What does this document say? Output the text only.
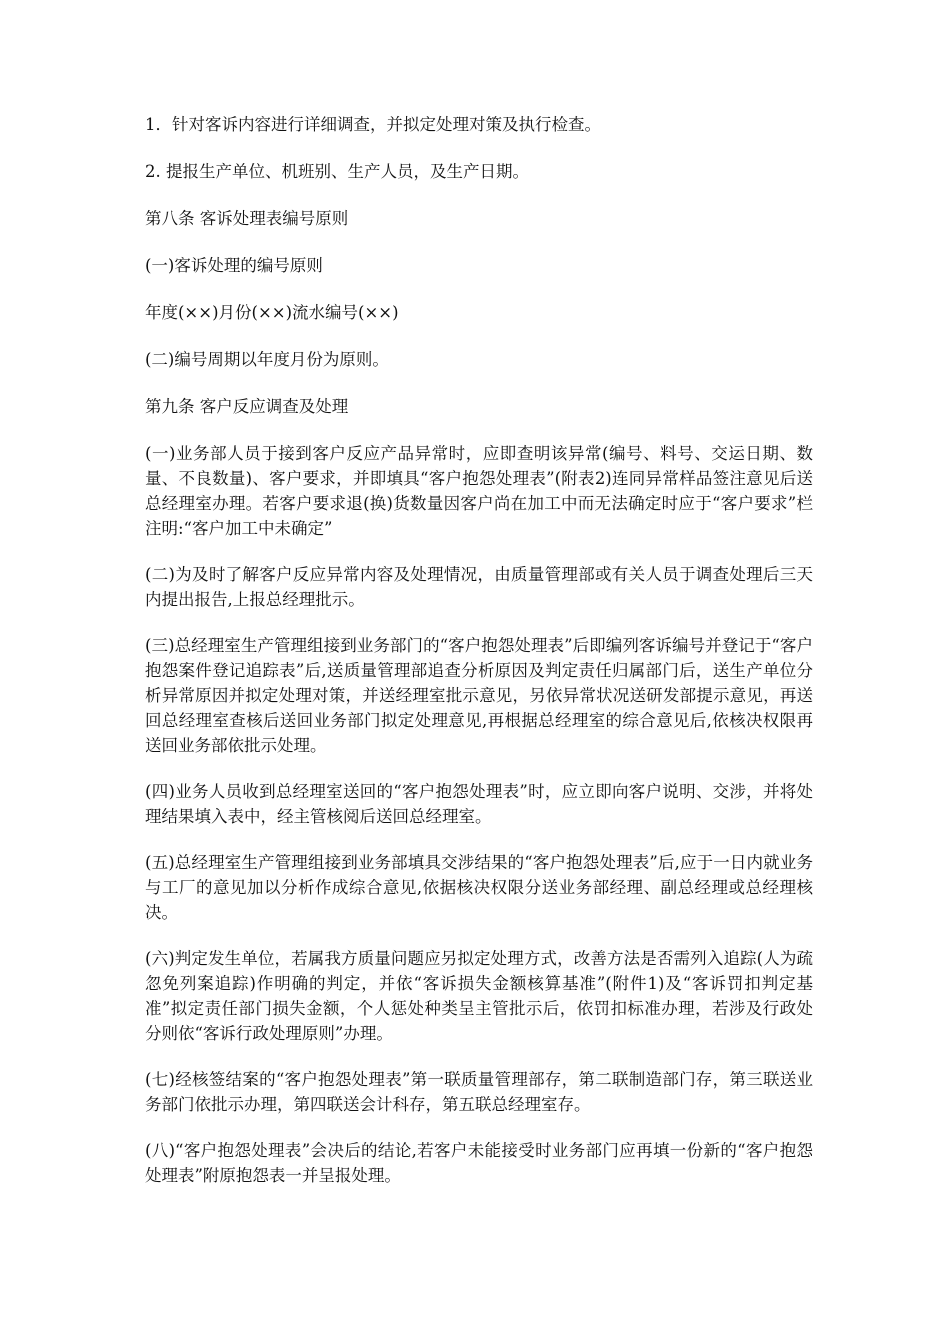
1．针对客诉内容进行详细调查，并拟定处理对策及执行检查。

2. 提报生产单位、机班别、生产人员，及生产日期。

第八条 客诉处理表编号原则

(一)客诉处理的编号原则

年度(××)月份(××)流水编号(××)

(二)编号周期以年度月份为原则。

第九条 客户反应调查及处理

(一)业务部人员于接到客户反应产品异常时，应即查明该异常(编号、料号、交运日期、数量、不良数量)、客户要求，并即填具“客户抱怨处理表”(附表2)连同异常样品签注意见后送总经理室办理。若客户要求退(换)货数量因客户尚在加工中而无法确定时应于“客户要求”栏注明:“客户加工中未确定”

(二)为及时了解客户反应异常内容及处理情况，由质量管理部或有关人员于调查处理后三天内提出报告,上报总经理批示。

(三)总经理室生产管理组接到业务部门的“客户抱怨处理表”后即编列客诉编号并登记于“客户抱怨案件登记追踪表”后,送质量管理部追查分析原因及判定责任归属部门后，送生产单位分析异常原因并拟定处理对策，并送经理室批示意见，另依异常状况送研发部提示意见，再送回总经理室查核后送回业务部门拟定处理意见,再根据总经理室的综合意见后,依核决权限再送回业务部依批示处理。

(四)业务人员收到总经理室送回的“客户抱怨处理表”时，应立即向客户说明、交涉，并将处理结果填入表中，经主管核阅后送回总经理室。

(五)总经理室生产管理组接到业务部填具交涉结果的“客户抱怨处理表”后,应于一日内就业务与工厂的意见加以分析作成综合意见,依据核决权限分送业务部经理、副总经理或总经理核决。

(六)判定发生单位，若属我方质量问题应另拟定处理方式，改善方法是否需列入追踪(人为疏忽免列案追踪)作明确的判定，并依“客诉损失金额核算基准”(附件1)及“客诉罚扣判定基准”拟定责任部门损失金额，个人惩处种类呈主管批示后，依罚扣标准办理，若涉及行政处分则依“客诉行政处理原则”办理。

(七)经核签结案的“客户抱怨处理表”第一联质量管理部存，第二联制造部门存，第三联送业务部门依批示办理，第四联送会计科存，第五联总经理室存。

(八)“客户抱怨处理表”会决后的结论,若客户未能接受时业务部门应再填一份新的“客户抱怨处理表”附原抱怨表一并呈报处理。
